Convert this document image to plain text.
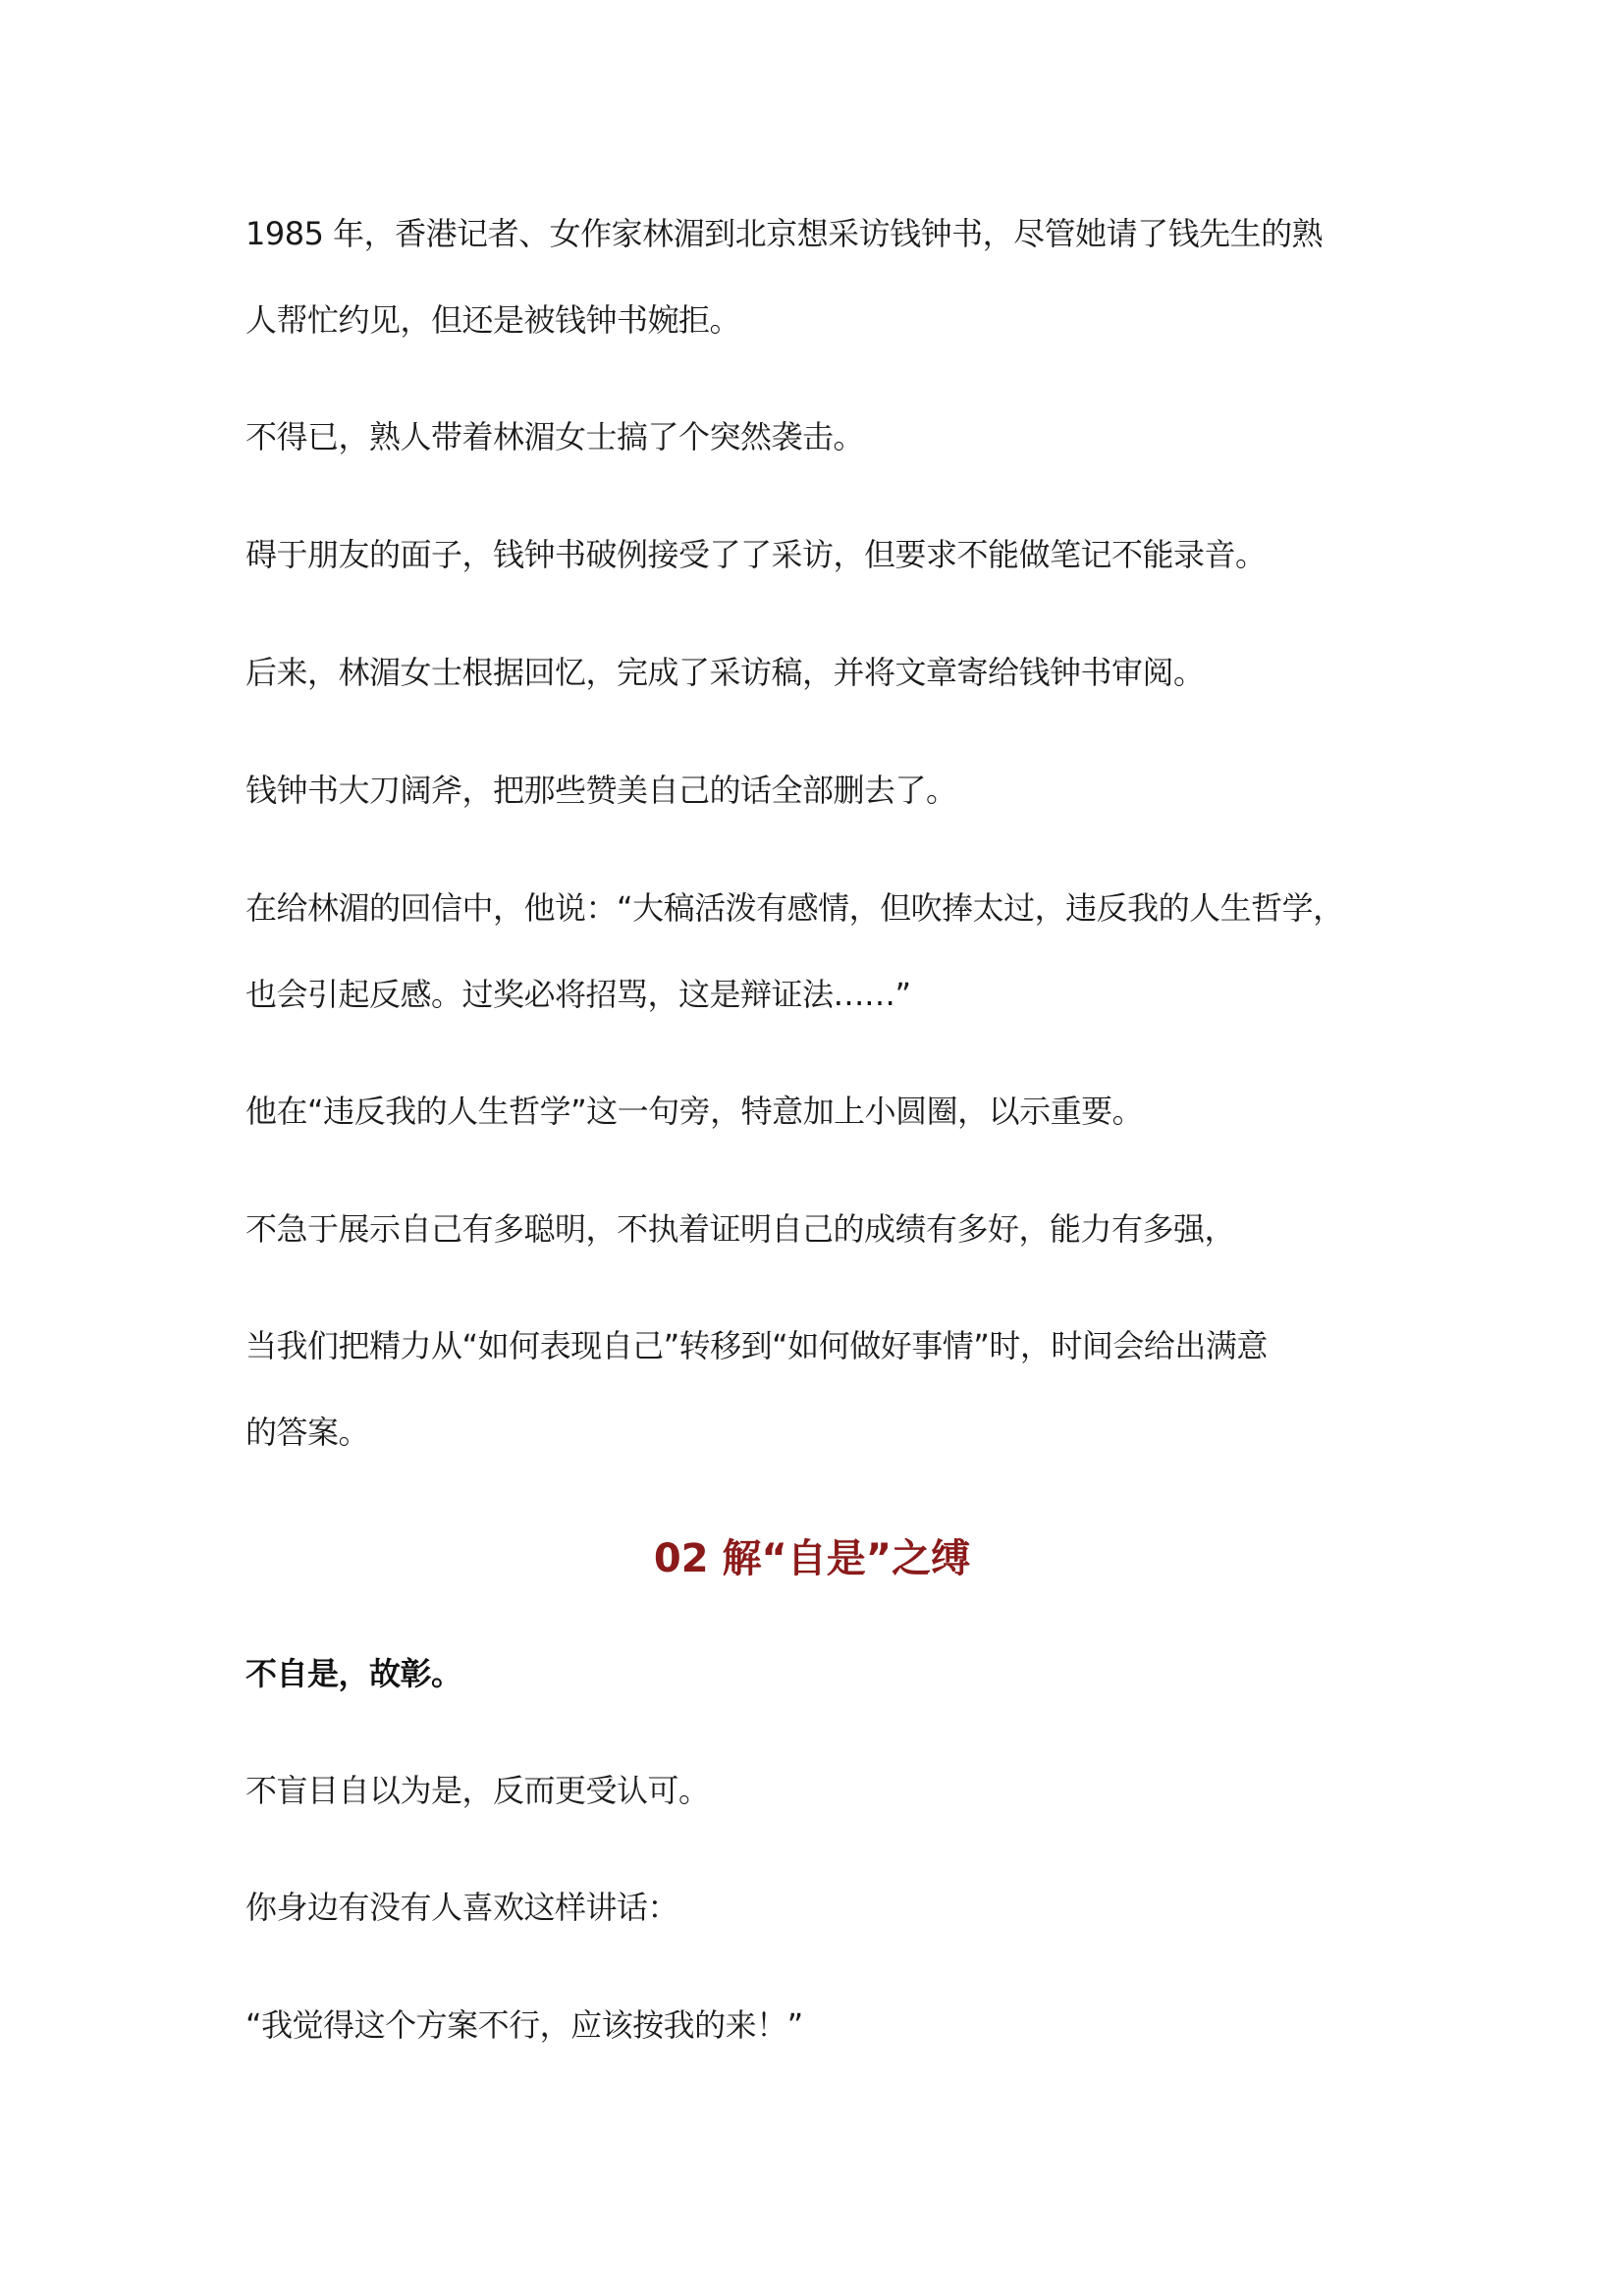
1985 年，香港记者、女作家林湄到北京想采访钱钟书，尽管她请了钱先生的熟
人帮忙约见，但还是被钱钟书婉拒。
不得已，熟人带着林湄女士搞了个突然袭击。
碍于朋友的面子，钱钟书破例接受了了采访，但要求不能做笔记不能录音。
后来，林湄女士根据回忆，完成了采访稿，并将文章寄给钱钟书审阅。
钱钟书大刀阔斧，把那些赞美自己的话全部删去了。
在给林湄的回信中，他说：“大稿活泼有感情，但吹捧太过，违反我的人生哲学，
也会引起反感。过奖必将招骂，这是辩证法……”
他在“违反我的人生哲学”这一句旁，特意加上小圆圈，以示重要。
不急于展示自己有多聪明，不执着证明自己的成绩有多好，能力有多强，
当我们把精力从“如何表现自己”转移到“如何做好事情”时，时间会给出满意
的答案。
02 解“自是”之缚
不自是，故彰。
不盲目自以为是，反而更受认可。
你身边有没有人喜欢这样讲话：
“我觉得这个方案不行，应该按我的来！”
